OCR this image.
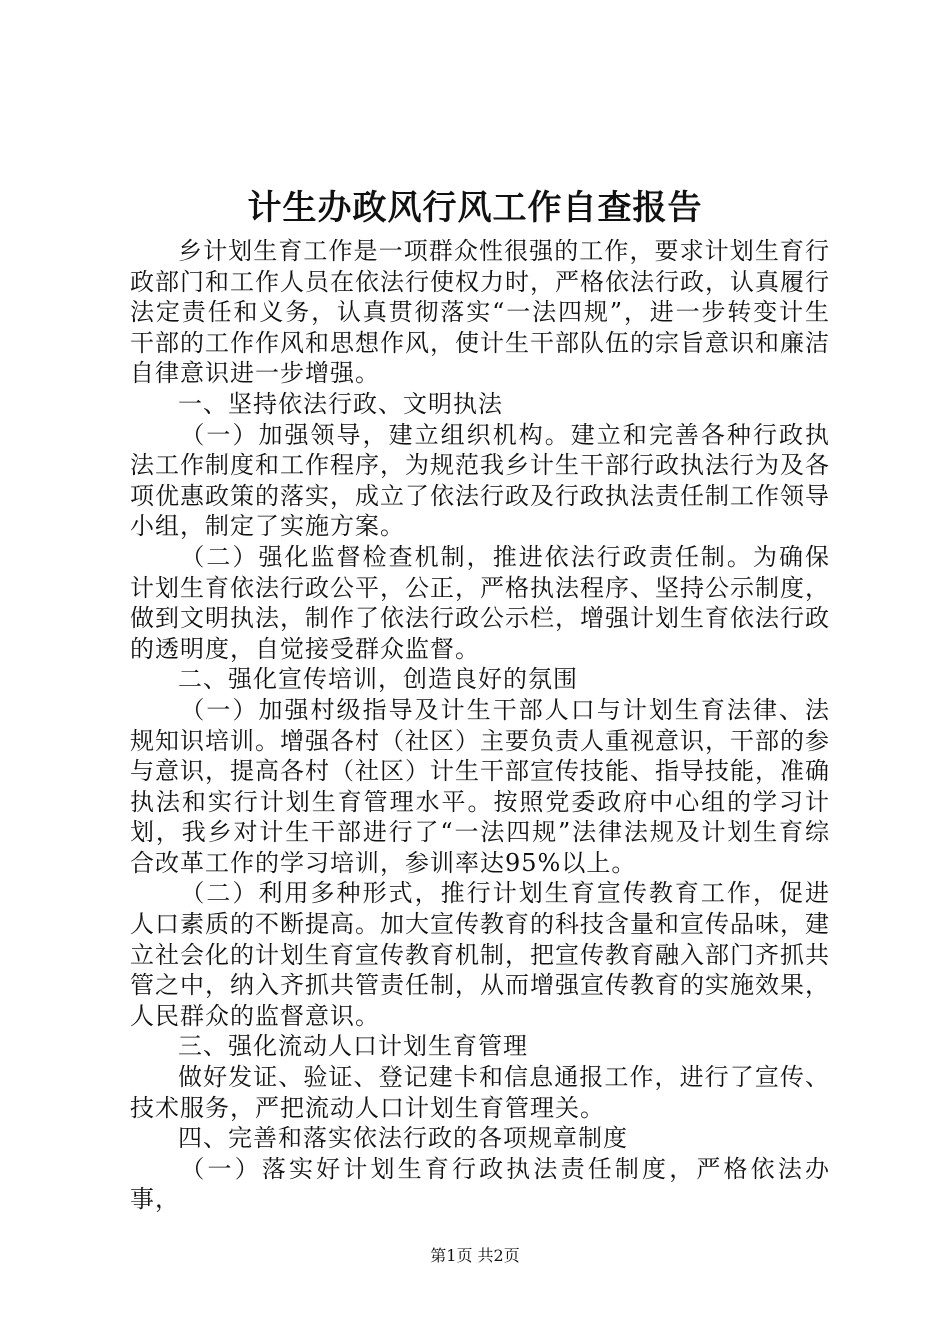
计生办政风行风工作自查报告

乡计划生育工作是一项群众性很强的工作，要求计划生育行政部门和工作人员在依法行使权力时，严格依法行政，认真履行法定责任和义务，认真贯彻落实“一法四规”，进一步转变计生干部的工作作风和思想作风，使计生干部队伍的宗旨意识和廉洁自律意识进一步增强。

一、坚持依法行政、文明执法

（一）加强领导，建立组织机构。建立和完善各种行政执法工作制度和工作程序，为规范我乡计生干部行政执法行为及各项优惠政策的落实，成立了依法行政及行政执法责任制工作领导小组，制定了实施方案。

（二）强化监督检查机制，推进依法行政责任制。为确保计划生育依法行政公平，公正，严格执法程序、坚持公示制度，做到文明执法，制作了依法行政公示栏，增强计划生育依法行政的透明度，自觉接受群众监督。

二、强化宣传培训，创造良好的氛围

（一）加强村级指导及计生干部人口与计划生育法律、法规知识培训。增强各村（社区）主要负责人重视意识，干部的参与意识，提高各村（社区）计生干部宣传技能、指导技能，准确执法和实行计划生育管理水平。按照党委政府中心组的学习计划，我乡对计生干部进行了“一法四规”法律法规及计划生育综合改革工作的学习培训，参训率达95%以上。

（二）利用多种形式，推行计划生育宣传教育工作，促进人口素质的不断提高。加大宣传教育的科技含量和宣传品味，建立社会化的计划生育宣传教育机制，把宣传教育融入部门齐抓共管之中，纳入齐抓共管责任制，从而增强宣传教育的实施效果，人民群众的监督意识。

三、强化流动人口计划生育管理

做好发证、验证、登记建卡和信息通报工作，进行了宣传、技术服务，严把流动人口计划生育管理关。

四、完善和落实依法行政的各项规章制度

（一）落实好计划生育行政执法责任制度，严格依法办事，

第1页 共2页
